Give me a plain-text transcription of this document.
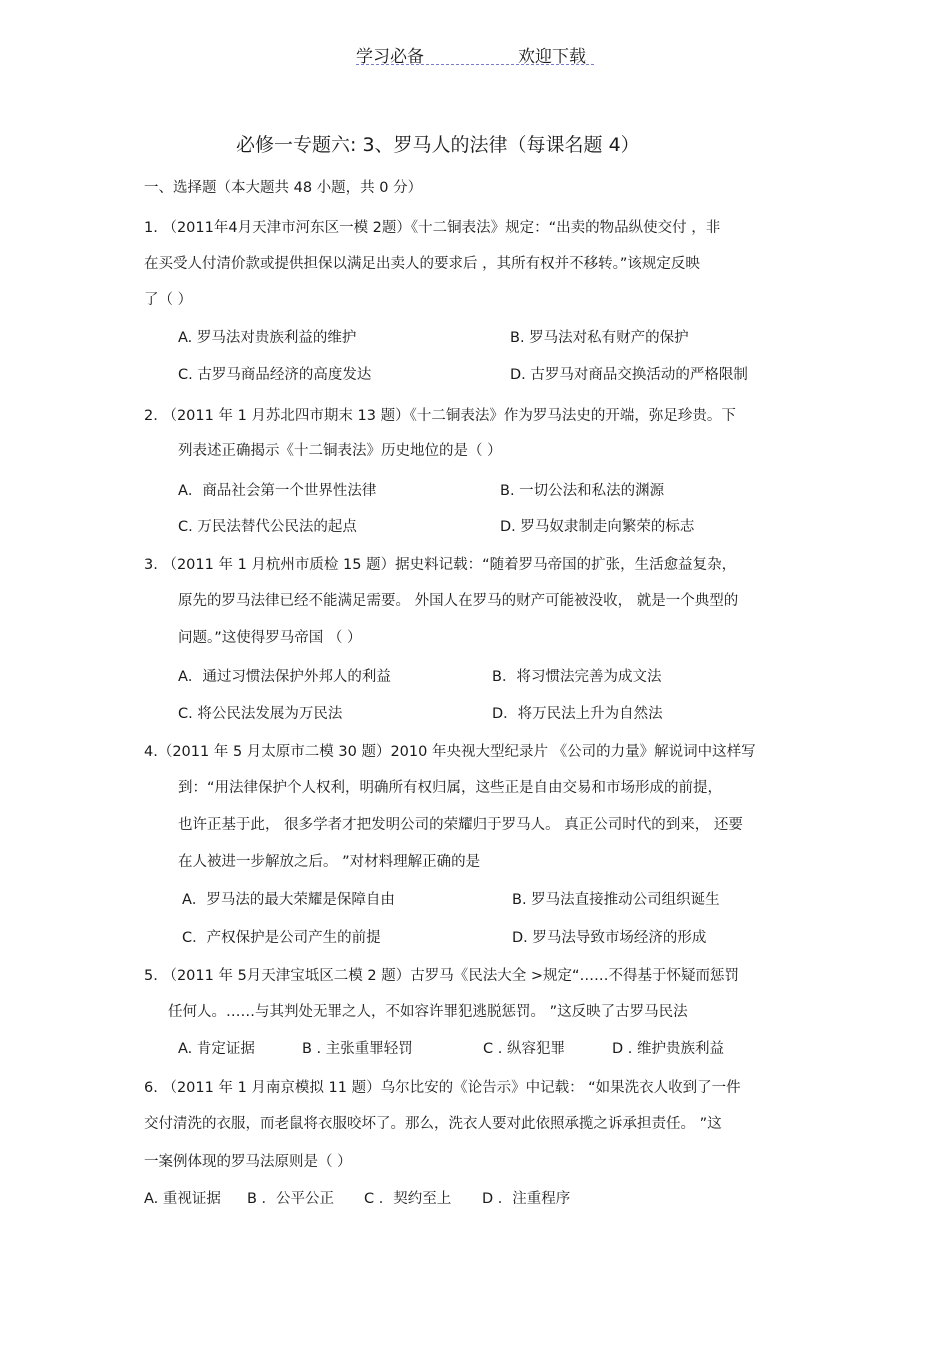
学习必备	欢迎下载
必修一专题六: 3、罗马人的法律（每课名题 4）
一、选择题（本大题共 48 小题，共 0 分）
1. （2011年4月天津市河东区一模 2题）《十二铜表法》规定：“出卖的物品纵使交付 ，非
在买受人付清价款或提供担保以满足出卖人的要求后 ，其所有权并不移转。”该规定反映
了（ ）
A. 罗马法对贵族利益的维护	B. 罗马法对私有财产的保护
C. 古罗马商品经济的高度发达	D. 古罗马对商品交换活动的严格限制
2. （2011 年 1 月苏北四市期末 13 题）《十二铜表法》作为罗马法史的开端，弥足珍贵。下
列表述正确揭示《十二铜表法》历史地位的是（ ）
A．商品社会第一个世界性法律	B. 一切公法和私法的渊源
C. 万民法替代公民法的起点	D. 罗马奴隶制走向繁荣的标志
3. （2011 年 1 月杭州市质检 15 题）据史料记载：“随着罗马帝国的扩张，生活愈益复杂，
原先的罗马法律已经不能满足需要。 外国人在罗马的财产可能被没收， 就是一个典型的
问题。”这使得罗马帝国 （ ）
A．通过习惯法保护外邦人的利益	B．将习惯法完善为成文法
C. 将公民法发展为万民法	D．将万民法上升为自然法
4.（2011 年 5 月太原市二模 30 题）2010 年央视大型纪录片 《公司的力量》解说词中这样写
到：“用法律保护个人权利，明确所有权归属，这些正是自由交易和市场形成的前提，
也许正基于此， 很多学者才把发明公司的荣耀归于罗马人。 真正公司时代的到来， 还要
在人被进一步解放之后。 ”对材料理解正确的是
A．罗马法的最大荣耀是保障自由	B. 罗马法直接推动公司组织诞生
C．产权保护是公司产生的前提	D. 罗马法导致市场经济的形成
5. （2011 年 5月天津宝坻区二模 2 题）古罗马《民法大全 >规定“……不得基于怀疑而惩罚
任何人。……与其判处无罪之人，不如容许罪犯逃脱惩罚。 ”这反映了古罗马民法
A. 肯定证据	B . 主张重罪轻罚	C . 纵容犯罪	D . 维护贵族利益
6. （2011 年 1 月南京模拟 11 题）乌尔比安的《论告示》中记载： “如果洗衣人收到了一件
交付清洗的衣服，而老鼠将衣服咬坏了。那么，洗衣人要对此依照承揽之诉承担责任。 ”这
一案例体现的罗马法原则是（ ）
A. 重视证据 B ．公平公正 C ．契约至上 D ．注重程序
